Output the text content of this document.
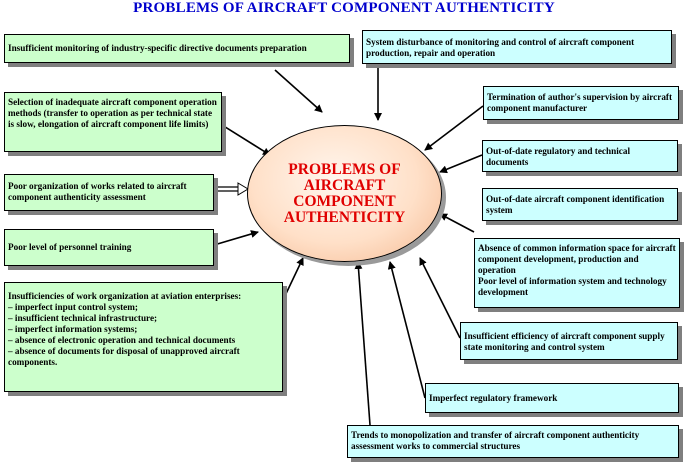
PROBLEMS OF AIRCRAFT COMPONENT AUTHENTICITY
Insufficient monitoring of industry-specific directive documents preparation
Selection of inadequate aircraft component operation methods (transfer to operation as per technical state is slow, elongation of aircraft component life limits)
Poor organization of works related to aircraft component authenticity assessment
Poor level of personnel training
Insufficiencies of work organization at aviation enterprises:
– imperfect input control system;
– insufficient technical infrastructure;
– imperfect information systems;
– absence of electronic operation and technical documents
– absence of documents for disposal of unapproved aircraft components.
System disturbance of monitoring and control of aircraft component production, repair and operation
Termination of author's supervision by aircraft component manufacturer
Out-of-date regulatory and technical documents
Out-of-date aircraft component identification system
Absence of common information space for aircraft component development, production and operation
Poor level of information system and technology development
Insufficient efficiency of aircraft component supply state monitoring and control system
Imperfect regulatory framework
Trends to monopolization and transfer of aircraft component authenticity assessment works to commercial structures
PROBLEMS OF
AIRCRAFT
COMPONENT
AUTHENTICITY
